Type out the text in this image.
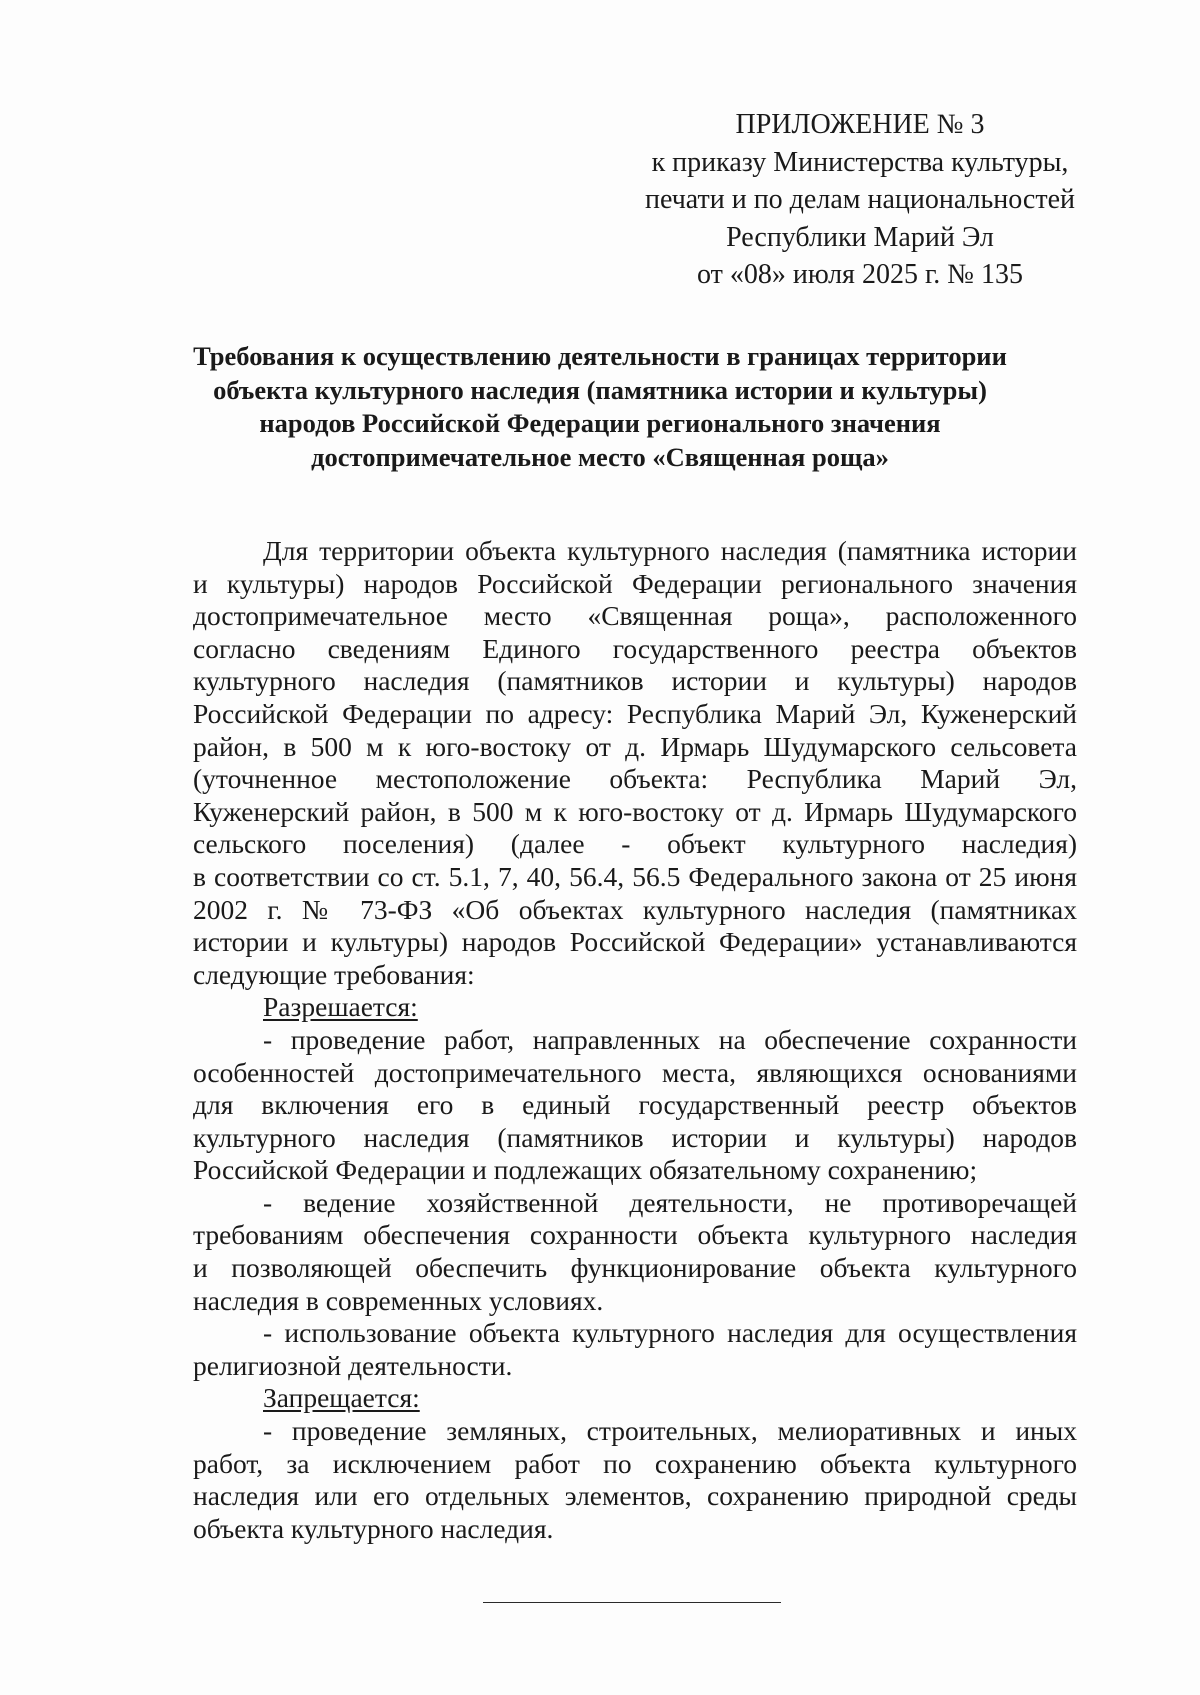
ПРИЛОЖЕНИЕ № 3
к приказу Министерства культуры,
печати и по делам национальностей
Республики Марий Эл
от «08» июля 2025 г. № 135
Требования к осуществлению деятельности в границах территории
объекта культурного наследия (памятника истории и культуры)
народов Российской Федерации регионального значения
достопримечательное место «Священная роща»
Для территории объекта культурного наследия (памятника истории
и культуры) народов Российской Федерации регионального значения
достопримечательное место «Священная роща», расположенного
согласно сведениям Единого государственного реестра объектов
культурного наследия (памятников истории и культуры) народов
Российской Федерации по адресу: Республика Марий Эл, Куженерский
район, в 500 м к юго-востоку от д. Ирмарь Шудумарского сельсовета
(уточненное местоположение объекта: Республика Марий Эл,
Куженерский район, в 500 м к юго-востоку от д. Ирмарь Шудумарского
сельского поселения) (далее - объект культурного наследия)
в соответствии со ст. 5.1, 7, 40, 56.4, 56.5 Федерального закона от 25 июня
2002 г. № 73-ФЗ «Об объектах культурного наследия (памятниках
истории и культуры) народов Российской Федерации» устанавливаются
следующие требования:
Разрешается:
- проведение работ, направленных на обеспечение сохранности
особенностей достопримечательного места, являющихся основаниями
для включения его в единый государственный реестр объектов
культурного наследия (памятников истории и культуры) народов
Российской Федерации и подлежащих обязательному сохранению;
- ведение хозяйственной деятельности, не противоречащей
требованиям обеспечения сохранности объекта культурного наследия
и позволяющей обеспечить функционирование объекта культурного
наследия в современных условиях.
- использование объекта культурного наследия для осуществления
религиозной деятельности.
Запрещается:
- проведение земляных, строительных, мелиоративных и иных
работ, за исключением работ по сохранению объекта культурного
наследия или его отдельных элементов, сохранению природной среды
объекта культурного наследия.
